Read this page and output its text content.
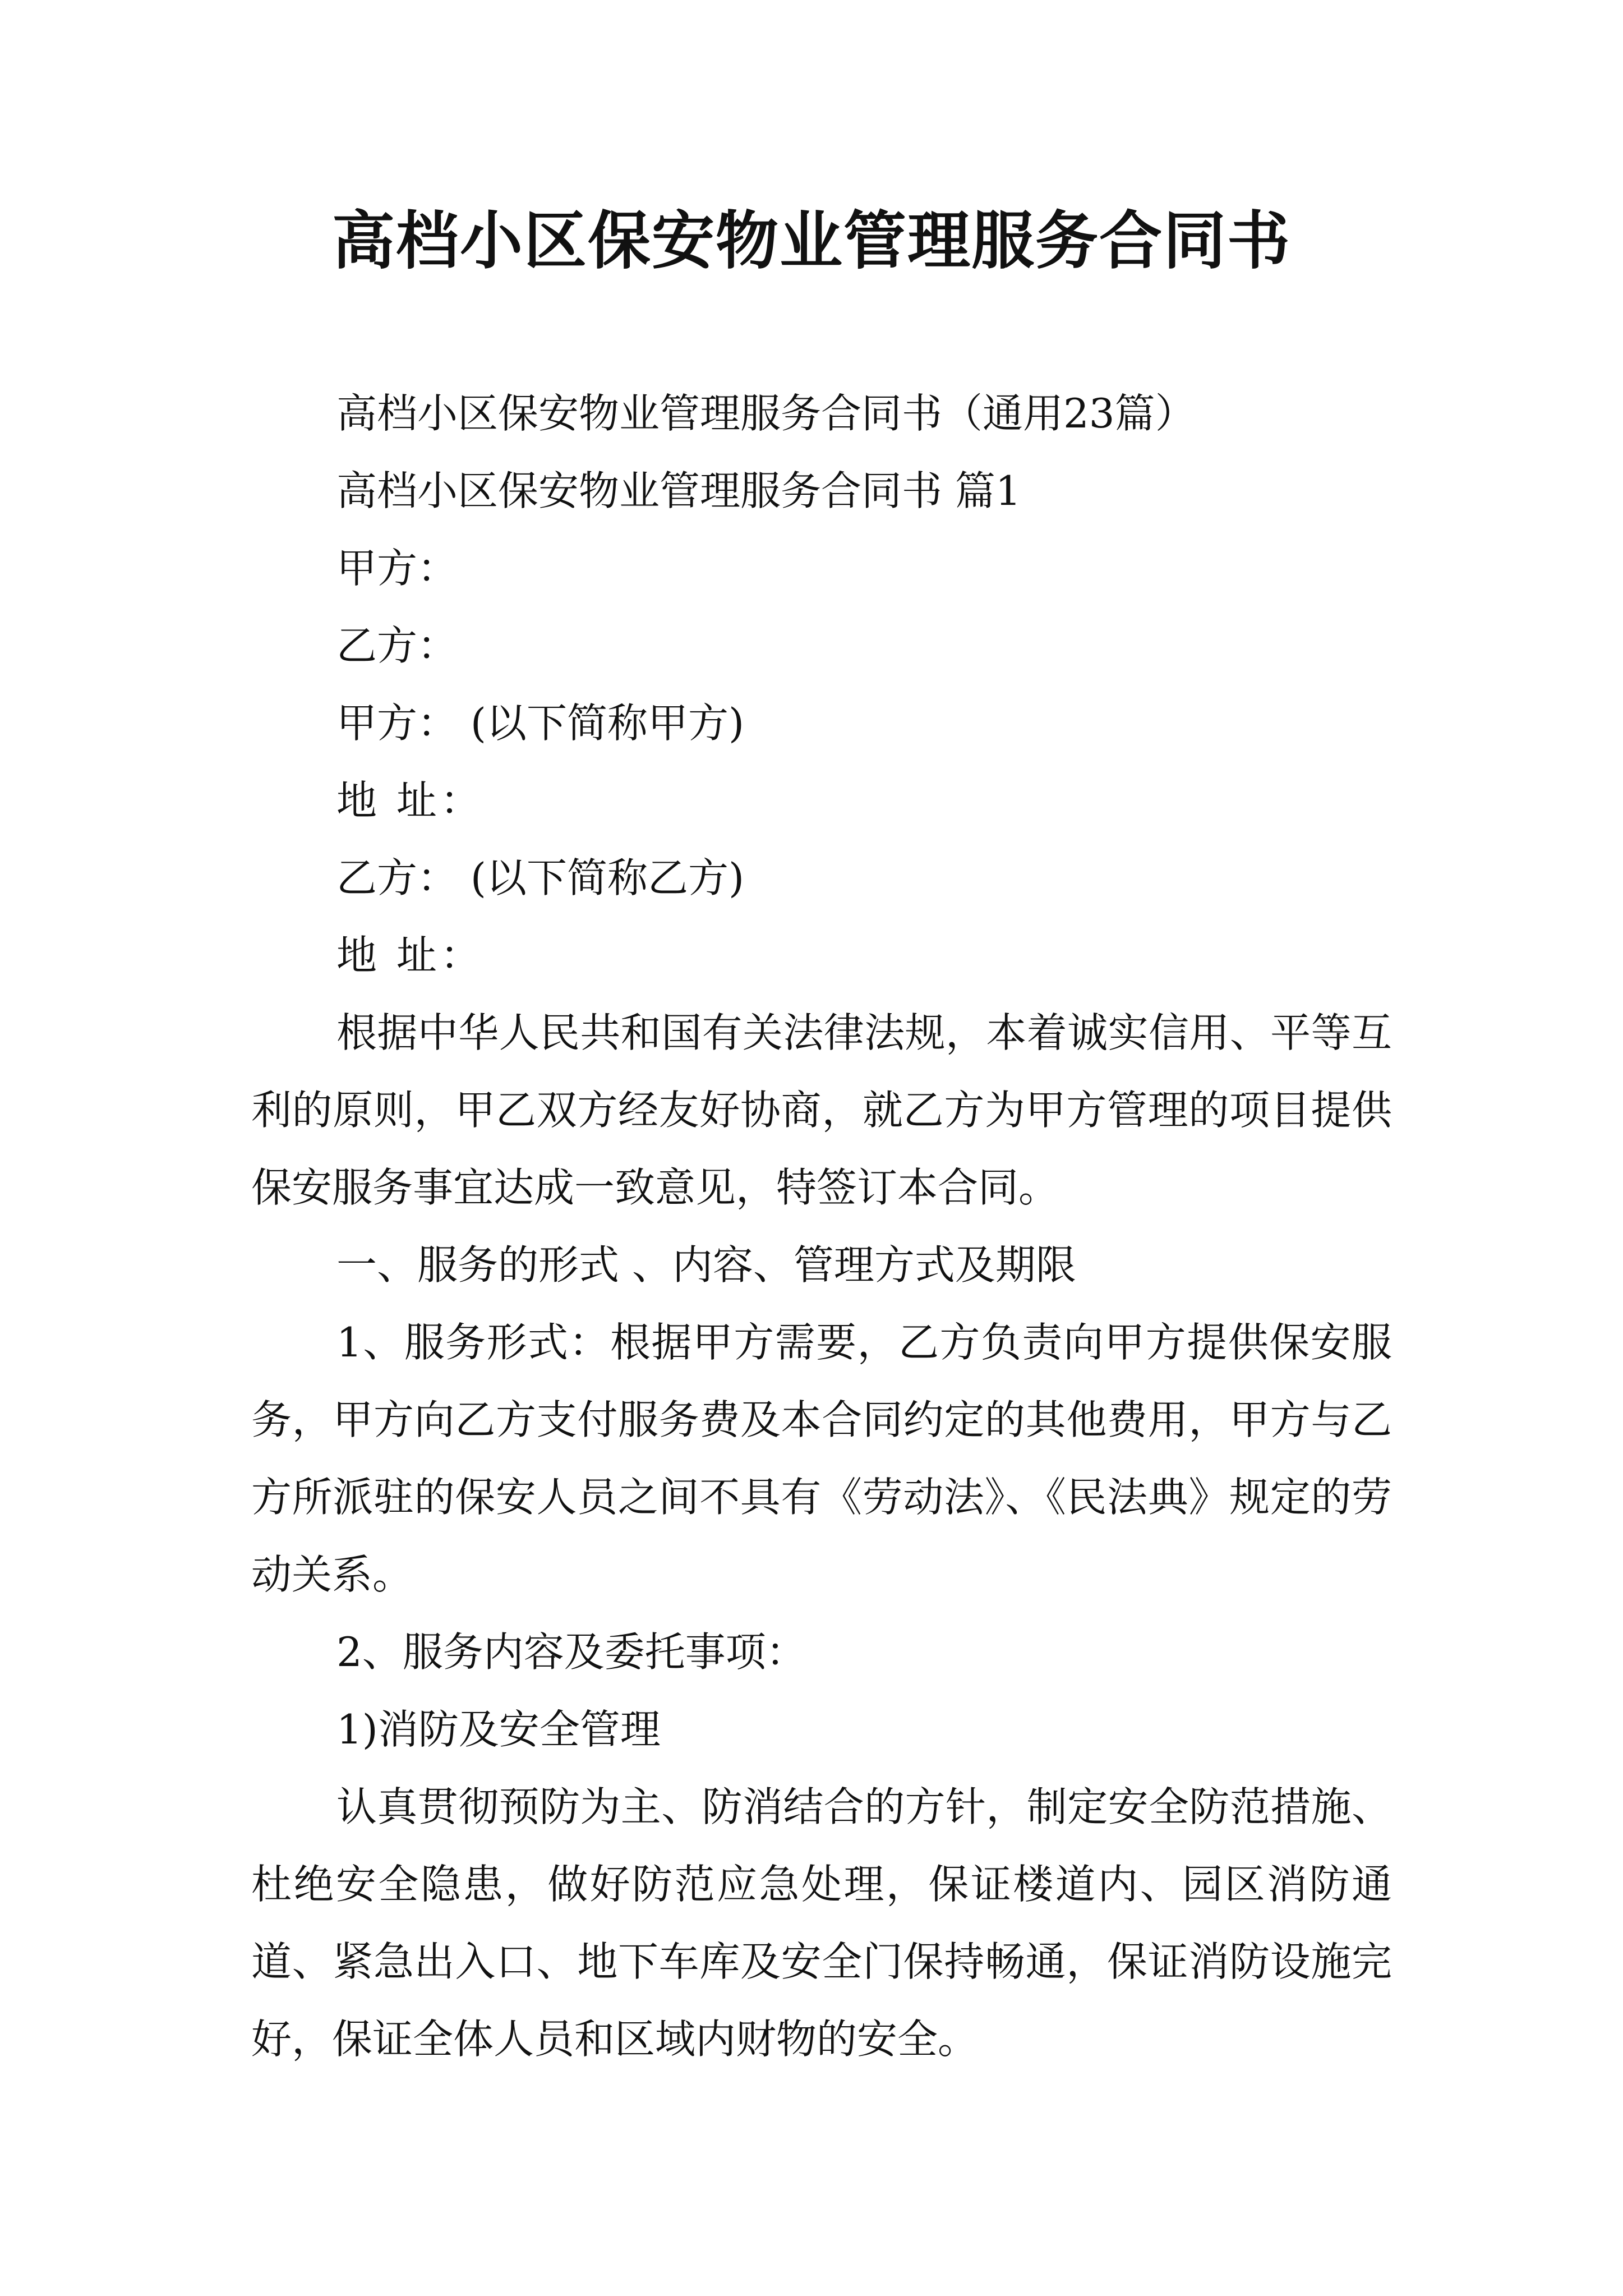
高档小区保安物业管理服务合同书
高档小区保安物业管理服务合同书（通用23篇）
高档小区保安物业管理服务合同书 篇1
甲方：
乙方：
甲方： (以下简称甲方)
地 址：
乙方： (以下简称乙方)
地 址：
根据中华人民共和国有关法律法规，本着诚实信用、平等互利的原则，甲乙双方经友好协商，就乙方为甲方管理的项目提供保安服务事宜达成一致意见，特签订本合同。
一、服务的形式 、内容、管理方式及期限
1、服务形式：根据甲方需要，乙方负责向甲方提供保安服务，甲方向乙方支付服务费及本合同约定的其他费用，甲方与乙方所派驻的保安人员之间不具有《劳动法》、《民法典》规定的劳动关系。
2、服务内容及委托事项：
1)消防及安全管理
认真贯彻预防为主、防消结合的方针，制定安全防范措施、杜绝安全隐患，做好防范应急处理，保证楼道内、园区消防通道、紧急出入口、地下车库及安全门保持畅通，保证消防设施完好，保证全体人员和区域内财物的安全。
